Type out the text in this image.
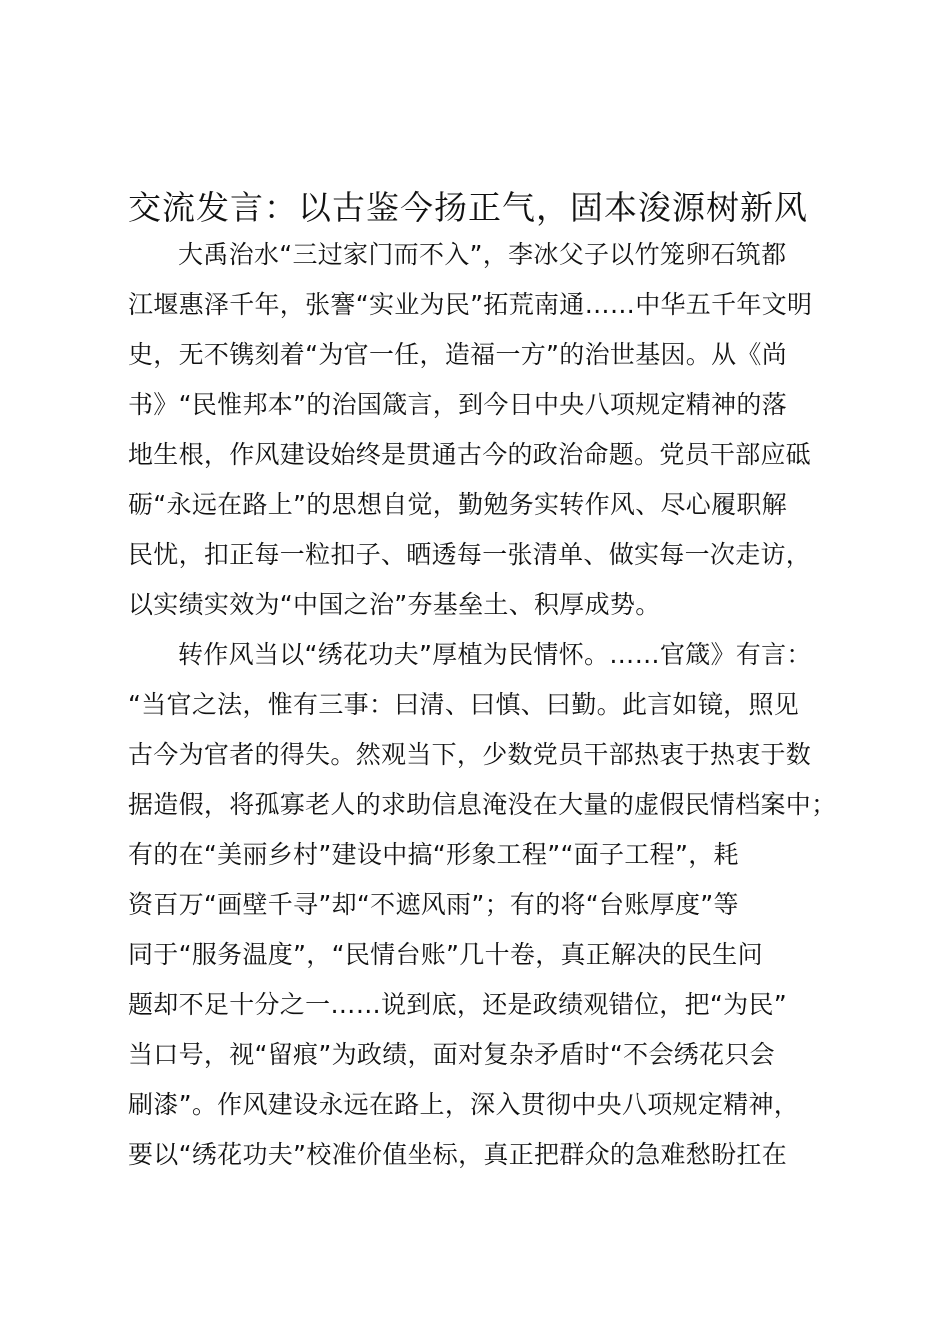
交流发言：以古鉴今扬正气，固本浚源树新风
大禹治水“三过家门而不入”，李冰父子以竹笼卵石筑都
江堰惠泽千年，张謇“实业为民”拓荒南通……中华五千年文明
史，无不镌刻着“为官一任，造福一方”的治世基因。从《尚
书》“民惟邦本”的治国箴言，到今日中央八项规定精神的落
地生根，作风建设始终是贯通古今的政治命题。党员干部应砥
砺“永远在路上”的思想自觉，勤勉务实转作风、尽心履职解
民忧，扣正每一粒扣子、晒透每一张清单、做实每一次走访，
以实绩实效为“中国之治”夯基垒土、积厚成势。
转作风当以“绣花功夫”厚植为民情怀。……官箴》有言：
“当官之法，惟有三事：曰清、曰慎、曰勤。此言如镜，照见
古今为官者的得失。然观当下，少数党员干部热衷于热衷于数
据造假，将孤寡老人的求助信息淹没在大量的虚假民情档案中；
有的在“美丽乡村”建设中搞“形象工程”“面子工程”，耗
资百万“画壁千寻”却“不遮风雨”；有的将“台账厚度”等
同于“服务温度”，“民情台账”几十卷，真正解决的民生问
题却不足十分之一……说到底，还是政绩观错位，把“为民”
当口号，视“留痕”为政绩，面对复杂矛盾时“不会绣花只会
刷漆”。作风建设永远在路上，深入贯彻中央八项规定精神，
要以“绣花功夫”校准价值坐标，真正把群众的急难愁盼扛在
